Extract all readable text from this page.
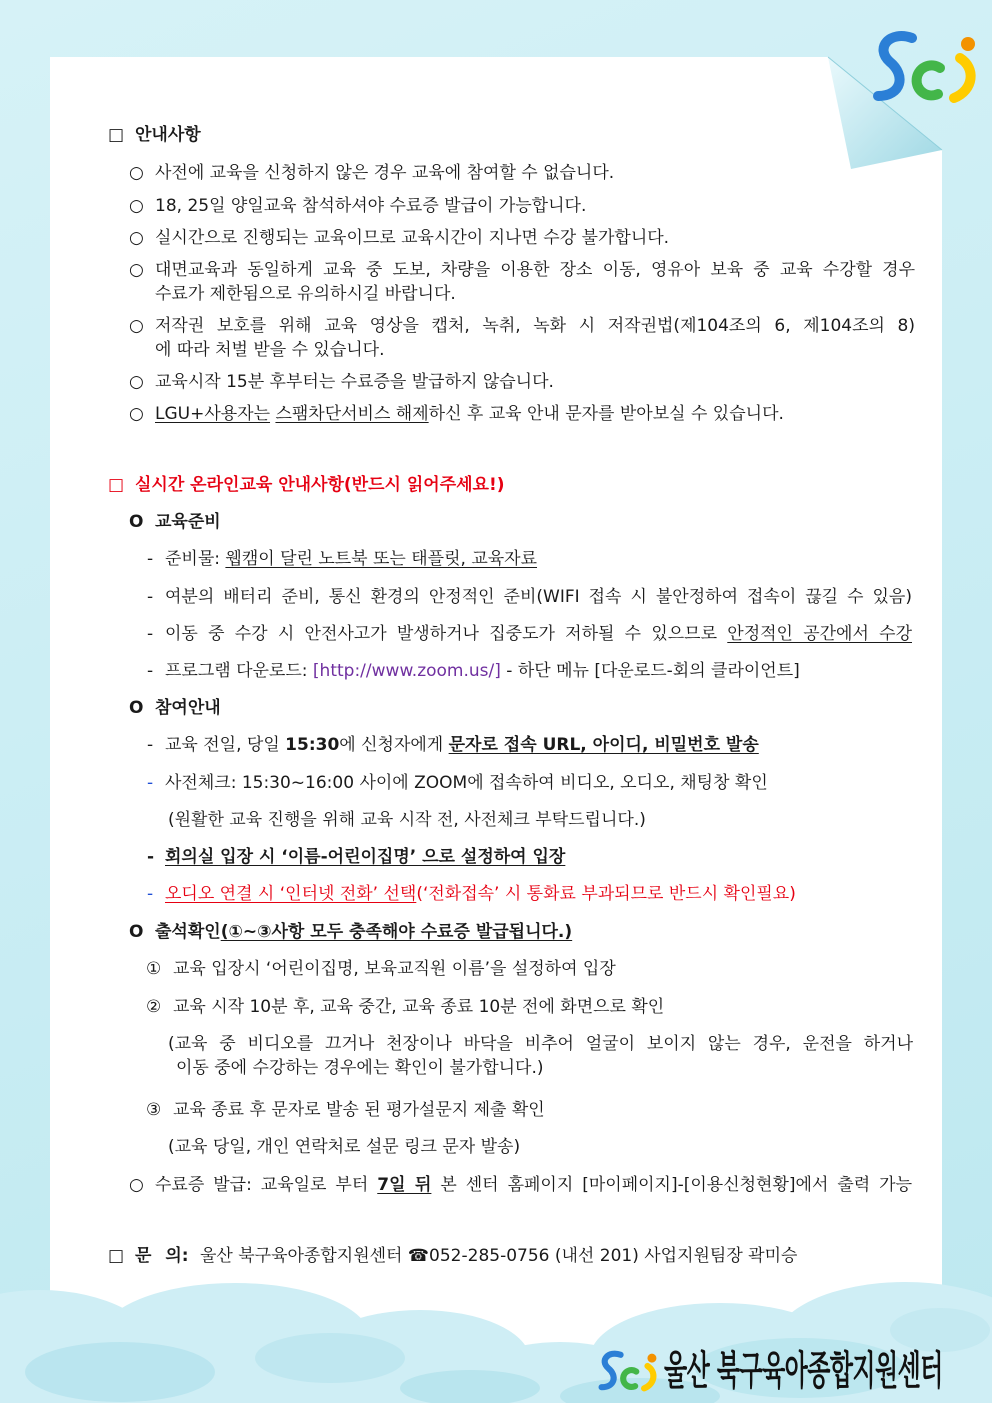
□ 안내사항
○ 사전에 교육을 신청하지 않은 경우 교육에 참여할 수 없습니다.
○ 18, 25일 양일교육 참석하셔야 수료증 발급이 가능합니다.
○ 실시간으로 진행되는 교육이므로 교육시간이 지나면 수강 불가합니다.
○ 대면교육과 동일하게 교육 중 도보, 차량을 이용한 장소 이동, 영유아 보육 중 교육 수강할 경우
수료가 제한됨으로 유의하시길 바랍니다.
○ 저작권 보호를 위해 교육 영상을 캡처, 녹취, 녹화 시 저작권법(제104조의 6, 제104조의 8)
에 따라 처벌 받을 수 있습니다.
○ 교육시작 15분 후부터는 수료증을 발급하지 않습니다.
○ LGU+사용자는 스팸차단서비스 해제하신 후 교육 안내 문자를 받아보실 수 있습니다.
□ 실시간 온라인교육 안내사항(반드시 읽어주세요!)
O 교육준비
- 준비물: 웹캠이 달린 노트북 또는 태플릿, 교육자료
- 여분의 배터리 준비, 통신 환경의 안정적인 준비(WIFI 접속 시 불안정하여 접속이 끊길 수 있음)
- 이동 중 수강 시 안전사고가 발생하거나 집중도가 저하될 수 있으므로 안정적인 공간에서 수강
- 프로그램 다운로드: [http://www.zoom.us/] - 하단 메뉴 [다운로드-회의 클라이언트]
O 참여안내
- 교육 전일, 당일 15:30에 신청자에게 문자로 접속 URL, 아이디, 비밀번호 발송
- 사전체크: 15:30~16:00 사이에 ZOOM에 접속하여 비디오, 오디오, 채팅창 확인
(원활한 교육 진행을 위해 교육 시작 전, 사전체크 부탁드립니다.)
- 회의실 입장 시 ‘이름-어린이집명’ 으로 설정하여 입장
- 오디오 연결 시 ‘인터넷 전화’ 선택(‘전화접속’ 시 통화료 부과되므로 반드시 확인필요)
O 출석확인(①~③사항 모두 충족해야 수료증 발급됩니다.)
① 교육 입장시 ‘어린이집명, 보육교직원 이름’을 설정하여 입장
② 교육 시작 10분 후, 교육 중간, 교육 종료 10분 전에 화면으로 확인
(교육 중 비디오를 끄거나 천장이나 바닥을 비추어 얼굴이 보이지 않는 경우, 운전을 하거나
이동 중에 수강하는 경우에는 확인이 불가합니다.)
③ 교육 종료 후 문자로 발송 된 평가설문지 제출 확인
(교육 당일, 개인 연락처로 설문 링크 문자 발송)
○ 수료증 발급: 교육일로 부터 7일 뒤 본 센터 홈페이지 [마이페이지]-[이용신청현황]에서 출력 가능
□ 문 의: 울산 북구육아종합지원센터 ☎052-285-0756 (내선 201) 사업지원팀장 곽미승
울산 북구육아종합지원센터
